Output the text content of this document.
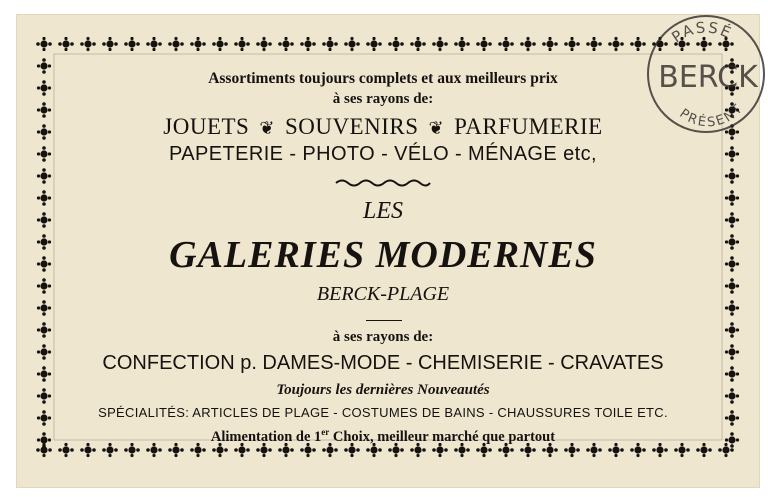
Assortiments toujours complets et aux meilleurs prix
à ses rayons de:
JOUETS ❦ SOUVENIRS ❦ PARFUMERIE
PAPETERIE - PHOTO - VÉLO - MÉNAGE etc,
LES
GALERIES MODERNES
BERCK-PLAGE
à ses rayons de:
CONFECTION p. DAMES-MODE - CHEMISERIE - CRAVATES
Toujours les dernières Nouveautés
SPÉCIALITÉS: ARTICLES DE PLAGE - COSTUMES DE BAINS - CHAUSSURES TOILE ETC.
Alimentation de 1er Choix, meilleur marché que partout
PASSÉ
BERCK
PRÉSENT
